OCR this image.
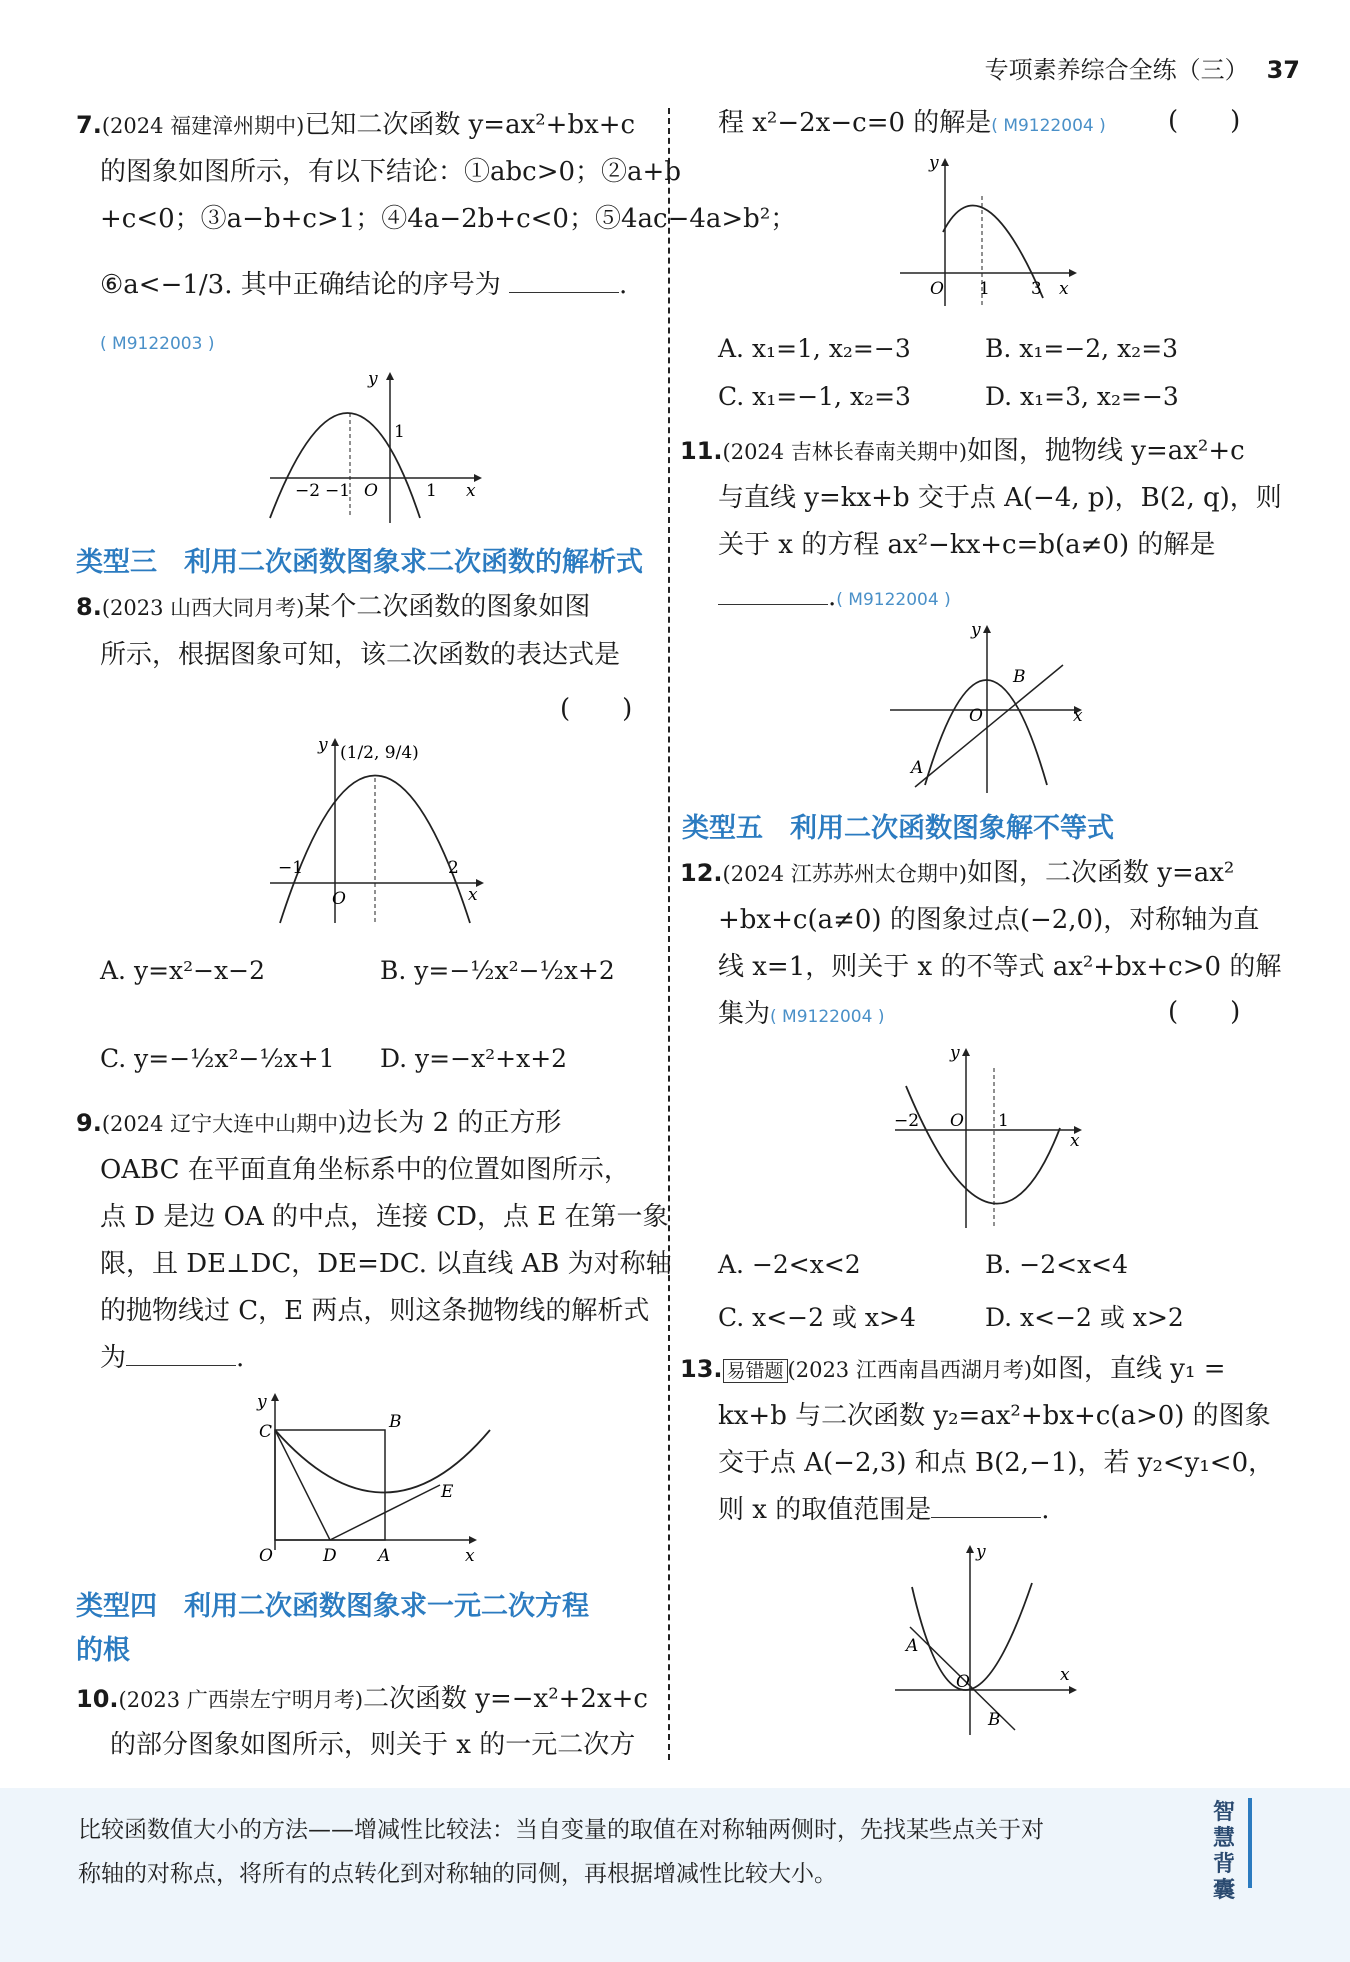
专项素养综合全练（三） 37
7.(2024 福建漳州期中)已知二次函数 y=ax²+bx+c
的图象如图所示，有以下结论：①abc>0；②a+b
+c<0；③a−b+c>1；④4a−2b+c<0；⑤4ac−4a>b²；
⑥a<−1/3. 其中正确结论的序号为	.
( M9122003 )
y
1
−2 −1 O	1 x
类型三　利用二次函数图象求二次函数的解析式
8.(2023 山西大同月考)某个二次函数的图象如图
所示，根据图象可知，该二次函数的表达式是
(　　)
y (1/2, 9/4)
−1
O
2
x
A. y=x²−x−2	B. y=−½x²−½x+2
C. y=−½x²−½x+1 D. y=−x²+x+2
9.(2024 辽宁大连中山期中)边长为 2 的正方形
OABC 在平面直角坐标系中的位置如图所示，
点 D 是边 OA 的中点，连接 CD，点 E 在第一象
限，且 DE⊥DC，DE=DC. 以直线 AB 为对称轴
的抛物线过 C，E 两点，则这条抛物线的解析式
为	.
y
C	B
E
O	D A	x
类型四　利用二次函数图象求一元二次方程
的根
10.(2023 广西崇左宁明月考)二次函数 y=−x²+2x+c
的部分图象如图所示，则关于 x 的一元二次方
程 x²−2x−c=0 的解是( M9122004 ) (　　)
y
O 1 3 x
A. x₁=1, x₂=−3	B. x₁=−2, x₂=3
C. x₁=−1, x₂=3	D. x₁=3, x₂=−3
11.(2024 吉林长春南关期中)如图，抛物线 y=ax²+c
与直线 y=kx+b 交于点 A(−4, p)，B(2, q)，则
关于 x 的方程 ax²−kx+c=b(a≠0) 的解是
.( M9122004 )
y
B
O
A
x
类型五　利用二次函数图象解不等式
12.(2024 江苏苏州太仓期中)如图，二次函数 y=ax²
+bx+c(a≠0) 的图象过点(−2,0)，对称轴为直
线 x=1，则关于 x 的不等式 ax²+bx+c>0 的解
集为( M9122004 )	(　　)
y
−2 O 1
x
A. −2<x<2	B. −2<x<4
C. x<−2 或 x>4	D. x<−2 或 x>2
13. 易错题 (2023 江西南昌西湖月考)如图，直线 y₁ =
kx+b 与二次函数 y₂=ax²+bx+c(a>0) 的图象
交于点 A(−2,3) 和点 B(2,−1)，若 y₂<y₁<0，
则 x 的取值范围是	.
y
A
O
B
x
比较函数值大小的方法——增减性比较法：当自变量的取值在对称轴两侧时，先找某些点关于对
称轴的对称点，将所有的点转化到对称轴的同侧，再根据增减性比较大小。
智慧背囊
